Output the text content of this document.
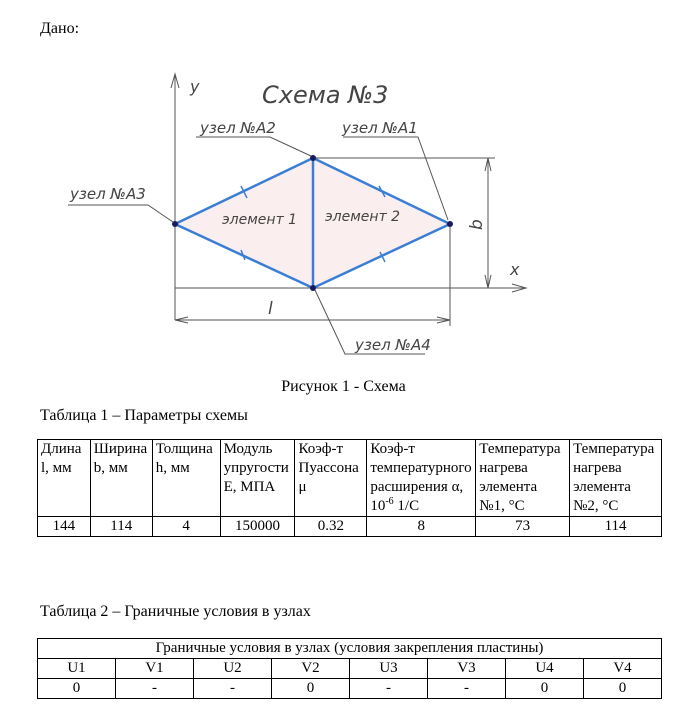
Дано:
Схема №3
y
x
узел №А2	узел №А1
узел №А3
узел №А4
элемент 1 элемент 2
l
b
Рисунок 1 - Схема
Таблица 1 – Параметры схемы
Длина l, мм	Ширина b, мм	Толщина h, мм	Модуль упругости E, МПА	Коэф-т Пуассона μ	Коэф-т температурного расширения α, $10^{-6}$ 1/С	Температура нагрева элемента №1, °С	Температура нагрева элемента №2, °С
144	114	4	150000	0.32	8	73	114
Таблица 2 – Граничные условия в узлах
Граничные условия в узлах (условия закрепления пластины)							
U1	V1	U2	V2	U3	V3	U4	V4
0	-	-	0	-	-	0	0
